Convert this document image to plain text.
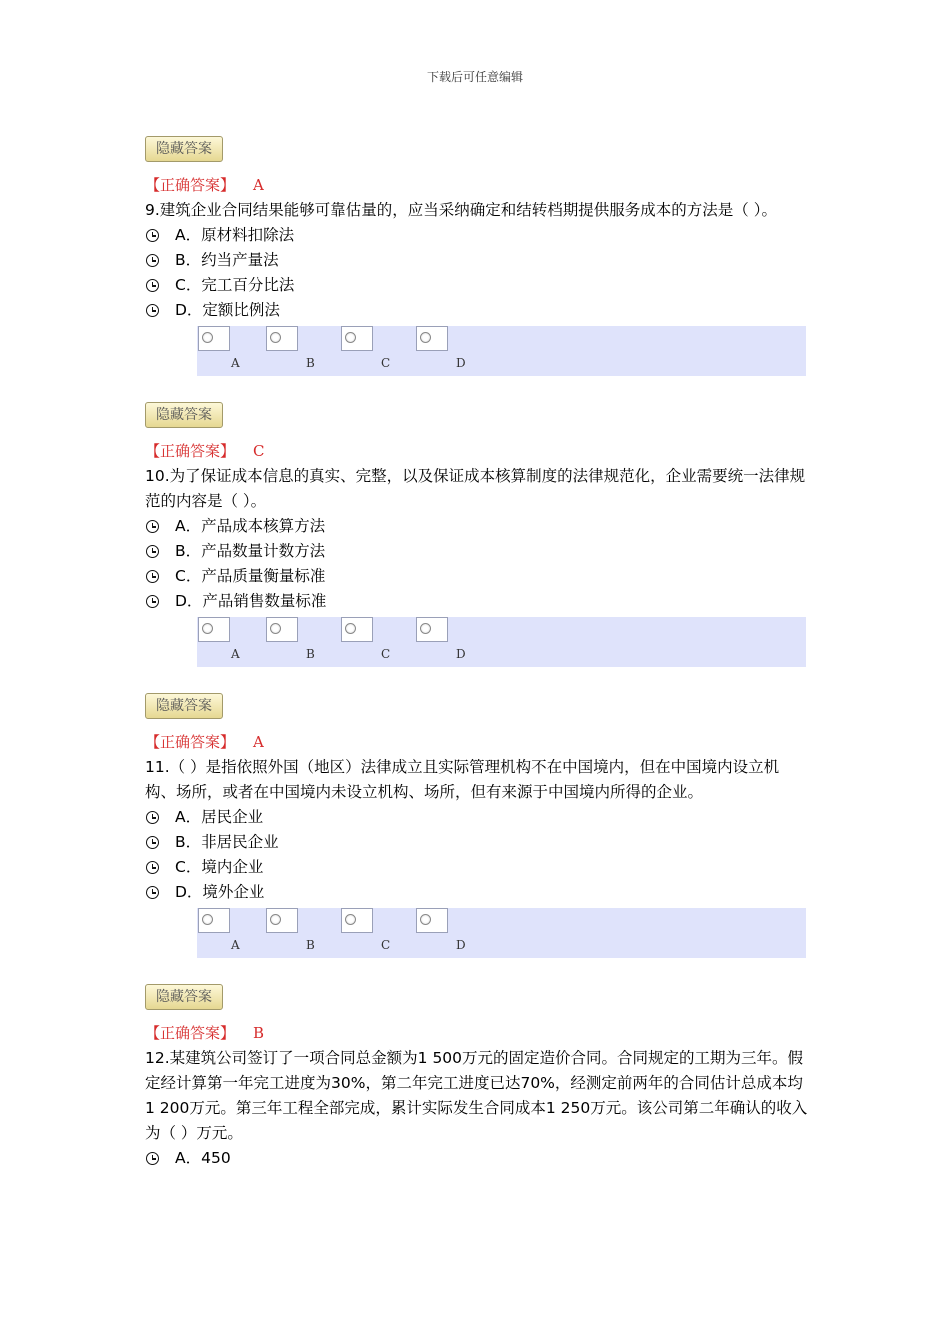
下载后可任意编辑
隐藏答案
【正确答案】 A
9.建筑企业合同结果能够可靠估量的，应当采纳确定和结转档期提供服务成本的方法是（ ）。
A．原材料扣除法
B．约当产量法
C．完工百分比法
D．定额比例法
A	B	C	D
隐藏答案
【正确答案】 C
10.为了保证成本信息的真实、完整，以及保证成本核算制度的法律规范化，企业需要统一法律规范的内容是（ ）。
A．产品成本核算方法
B．产品数量计数方法
C．产品质量衡量标准
D．产品销售数量标准
A	B	C	D
隐藏答案
【正确答案】 A
11.（ ）是指依照外国（地区）法律成立且实际管理机构不在中国境内，但在中国境内设立机构、场所，或者在中国境内未设立机构、场所，但有来源于中国境内所得的企业。
A．居民企业
B．非居民企业
C．境内企业
D．境外企业
A	B	C	D
隐藏答案
【正确答案】 B
12.某建筑公司签订了一项合同总金额为1 500万元的固定造价合同。合同规定的工期为三年。假定经计算第一年完工进度为30%，第二年完工进度已达70%，经测定前两年的合同估计总成本均1 200万元。第三年工程全部完成，累计实际发生合同成本1 250万元。该公司第二年确认的收入为（ ）万元。
A．450
